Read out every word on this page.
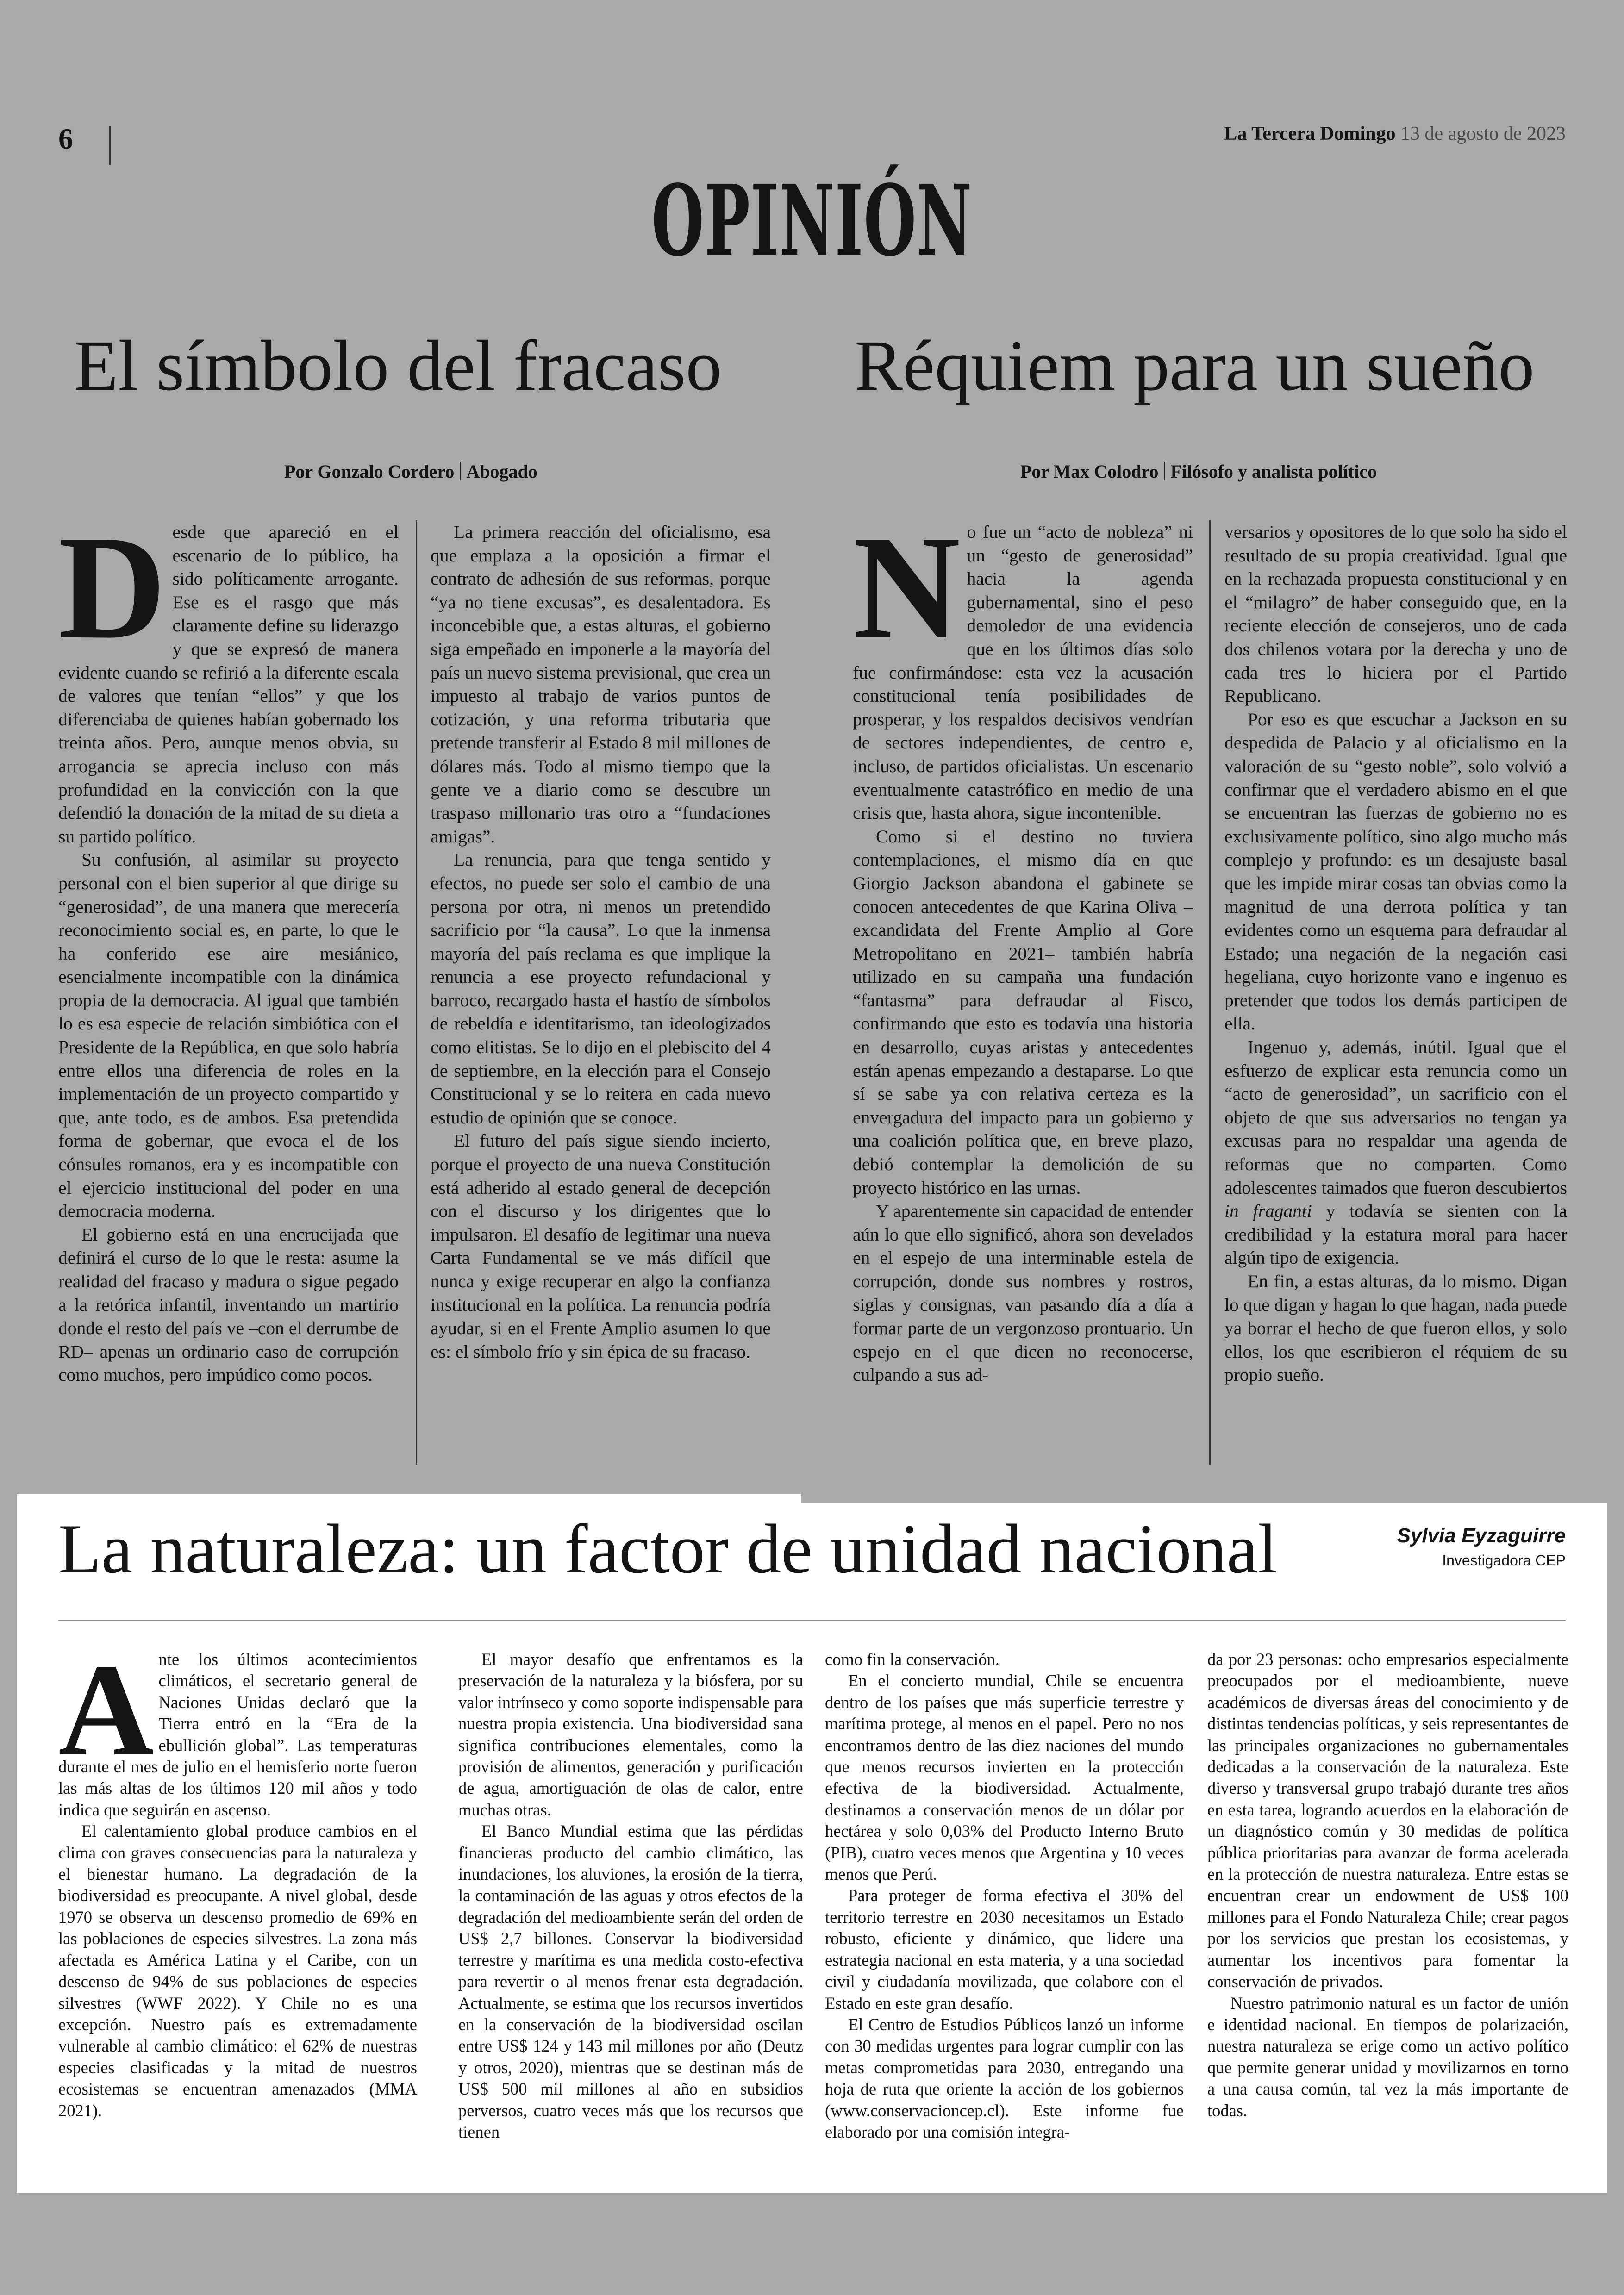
6	La Tercera Domingo 13 de agosto de 2023
OPINIÓN
El símbolo del fracaso
Por Gonzalo Cordero Abogado

Desde que apareció en el escenario de lo público, ha sido políticamente arrogante. Ese es el rasgo que más claramente define su liderazgo y que se expresó de manera evidente cuando se refirió a la diferente escala de valores que tenían “ellos” y que los diferenciaba de quienes habían gobernado los treinta años. Pero, aunque menos obvia, su arrogancia se aprecia incluso con más profundidad en la convicción con la que defendió la donación de la mitad de su dieta a su partido político.

Su confusión, al asimilar su proyecto personal con el bien superior al que dirige su “generosidad”, de una manera que merecería reconocimiento social es, en parte, lo que le ha conferido ese aire mesiánico, esencialmente incompatible con la dinámica propia de la democracia. Al igual que también lo es esa especie de relación simbiótica con el Presidente de la República, en que solo habría entre ellos una diferencia de roles en la implementación de un proyecto compartido y que, ante todo, es de ambos. Esa pretendida forma de gobernar, que evoca el de los cónsules romanos, era y es incompatible con el ejercicio institucional del poder en una democracia moderna.

El gobierno está en una encrucijada que definirá el curso de lo que le resta: asume la realidad del fracaso y madura o sigue pegado a la retórica infantil, inventando un martirio donde el resto del país ve –con el derrumbe de RD– apenas un ordinario caso de corrupción como muchos, pero impúdico como pocos.

La primera reacción del oficialismo, esa que emplaza a la oposición a firmar el contrato de adhesión de sus reformas, porque “ya no tiene excusas”, es desalentadora. Es inconcebible que, a estas alturas, el gobierno siga empeñado en imponerle a la mayoría del país un nuevo sistema previsional, que crea un impuesto al trabajo de varios puntos de cotización, y una reforma tributaria que pretende transferir al Estado 8 mil millones de dólares más. Todo al mismo tiempo que la gente ve a diario como se descubre un traspaso millonario tras otro a “fundaciones amigas”.

La renuncia, para que tenga sentido y efectos, no puede ser solo el cambio de una persona por otra, ni menos un pretendido sacrificio por “la causa”. Lo que la inmensa mayoría del país reclama es que implique la renuncia a ese proyecto refundacional y barroco, recargado hasta el hastío de símbolos de rebeldía e identitarismo, tan ideologizados como elitistas. Se lo dijo en el plebiscito del 4 de septiembre, en la elección para el Consejo Constitucional y se lo reitera en cada nuevo estudio de opinión que se conoce.

El futuro del país sigue siendo incierto, porque el proyecto de una nueva Constitución está adherido al estado general de decepción con el discurso y los dirigentes que lo impulsaron. El desafío de legitimar una nueva Carta Fundamental se ve más difícil que nunca y exige recuperar en algo la confianza institucional en la política. La renuncia podría ayudar, si en el Frente Amplio asumen lo que es: el símbolo frío y sin épica de su fracaso.

Réquiem para un sueño
Por Max Colodro Filósofo y analista político

No fue un “acto de nobleza” ni un “gesto de generosidad” hacia la agenda gubernamental, sino el peso demoledor de una evidencia que en los últimos días solo fue confirmándose: esta vez la acusación constitucional tenía posibilidades de prosperar, y los respaldos decisivos vendrían de sectores independientes, de centro e, incluso, de partidos oficialistas. Un escenario eventualmente catastrófico en medio de una crisis que, hasta ahora, sigue incontenible.

Como si el destino no tuviera contemplaciones, el mismo día en que Giorgio Jackson abandona el gabinete se conocen antecedentes de que Karina Oliva –excandidata del Frente Amplio al Gore Metropolitano en 2021– también habría utilizado en su campaña una fundación “fantasma” para defraudar al Fisco, confirmando que esto es todavía una historia en desarrollo, cuyas aristas y antecedentes están apenas empezando a destaparse. Lo que sí se sabe ya con relativa certeza es la envergadura del impacto para un gobierno y una coalición política que, en breve plazo, debió contemplar la demolición de su proyecto histórico en las urnas.

Y aparentemente sin capacidad de entender aún lo que ello significó, ahora son develados en el espejo de una interminable estela de corrupción, donde sus nombres y rostros, siglas y consignas, van pasando día a día a formar parte de un vergonzoso prontuario. Un espejo en el que dicen no reconocerse, culpando a sus ad-

versarios y opositores de lo que solo ha sido el resultado de su propia creatividad. Igual que en la rechazada propuesta constitucional y en el “milagro” de haber conseguido que, en la reciente elección de consejeros, uno de cada dos chilenos votara por la derecha y uno de cada tres lo hiciera por el Partido Republicano.

Por eso es que escuchar a Jackson en su despedida de Palacio y al oficialismo en la valoración de su “gesto noble”, solo volvió a confirmar que el verdadero abismo en el que se encuentran las fuerzas de gobierno no es exclusivamente político, sino algo mucho más complejo y profundo: es un desajuste basal que les impide mirar cosas tan obvias como la magnitud de una derrota política y tan evidentes como un esquema para defraudar al Estado; una negación de la negación casi hegeliana, cuyo horizonte vano e ingenuo es pretender que todos los demás participen de ella.

Ingenuo y, además, inútil. Igual que el esfuerzo de explicar esta renuncia como un “acto de generosidad”, un sacrificio con el objeto de que sus adversarios no tengan ya excusas para no respaldar una agenda de reformas que no comparten. Como adolescentes taimados que fueron descubiertos in fraganti y todavía se sienten con la credibilidad y la estatura moral para hacer algún tipo de exigencia.

En fin, a estas alturas, da lo mismo. Digan lo que digan y hagan lo que hagan, nada puede ya borrar el hecho de que fueron ellos, y solo ellos, los que escribieron el réquiem de su propio sueño.

La naturaleza: un factor de unidad nacional	Sylvia Eyzaguirre
Investigadora CEP

Ante los últimos acontecimientos climáticos, el secretario general de Naciones Unidas declaró que la Tierra entró en la “Era de la ebullición global”. Las temperaturas durante el mes de julio en el hemisferio norte fueron las más altas de los últimos 120 mil años y todo indica que seguirán en ascenso.

El calentamiento global produce cambios en el clima con graves consecuencias para la naturaleza y el bienestar humano. La degradación de la biodiversidad es preocupante. A nivel global, desde 1970 se observa un descenso promedio de 69% en las poblaciones de especies silvestres. La zona más afectada es América Latina y el Caribe, con un descenso de 94% de sus poblaciones de especies silvestres (WWF 2022). Y Chile no es una excepción. Nuestro país es extremadamente vulnerable al cambio climático: el 62% de nuestras especies clasificadas y la mitad de nuestros ecosistemas se encuentran amenazados (MMA 2021).

El mayor desafío que enfrentamos es la preservación de la naturaleza y la biósfera, por su valor intrínseco y como soporte indispensable para nuestra propia existencia. Una biodiversidad sana significa contribuciones elementales, como la provisión de alimentos, generación y purificación de agua, amortiguación de olas de calor, entre muchas otras.

El Banco Mundial estima que las pérdidas financieras producto del cambio climático, las inundaciones, los aluviones, la erosión de la tierra, la contaminación de las aguas y otros efectos de la degradación del medioambiente serán del orden de US$ 2,7 billones. Conservar la biodiversidad terrestre y marítima es una medida costo-efectiva para revertir o al menos frenar esta degradación. Actualmente, se estima que los recursos invertidos en la conservación de la biodiversidad oscilan entre US$ 124 y 143 mil millones por año (Deutz y otros, 2020), mientras que se destinan más de US$ 500 mil millones al año en subsidios perversos, cuatro veces más que los recursos que tienen

como fin la conservación.

En el concierto mundial, Chile se encuentra dentro de los países que más superficie terrestre y marítima protege, al menos en el papel. Pero no nos encontramos dentro de las diez naciones del mundo que menos recursos invierten en la protección efectiva de la biodiversidad. Actualmente, destinamos a conservación menos de un dólar por hectárea y solo 0,03% del Producto Interno Bruto (PIB), cuatro veces menos que Argentina y 10 veces menos que Perú.

Para proteger de forma efectiva el 30% del territorio terrestre en 2030 necesitamos un Estado robusto, eficiente y dinámico, que lidere una estrategia nacional en esta materia, y a una sociedad civil y ciudadanía movilizada, que colabore con el Estado en este gran desafío.

El Centro de Estudios Públicos lanzó un informe con 30 medidas urgentes para lograr cumplir con las metas comprometidas para 2030, entregando una hoja de ruta que oriente la acción de los gobiernos (www.conservacioncep.cl). Este informe fue elaborado por una comisión integra-

da por 23 personas: ocho empresarios especialmente preocupados por el medioambiente, nueve académicos de diversas áreas del conocimiento y de distintas tendencias políticas, y seis representantes de las principales organizaciones no gubernamentales dedicadas a la conservación de la naturaleza. Este diverso y transversal grupo trabajó durante tres años en esta tarea, logrando acuerdos en la elaboración de un diagnóstico común y 30 medidas de política pública prioritarias para avanzar de forma acelerada en la protección de nuestra naturaleza. Entre estas se encuentran crear un endowment de US$ 100 millones para el Fondo Naturaleza Chile; crear pagos por los servicios que prestan los ecosistemas, y aumentar los incentivos para fomentar la conservación de privados.

Nuestro patrimonio natural es un factor de unión e identidad nacional. En tiempos de polarización, nuestra naturaleza se erige como un activo político que permite generar unidad y movilizarnos en torno a una causa común, tal vez la más importante de todas.
